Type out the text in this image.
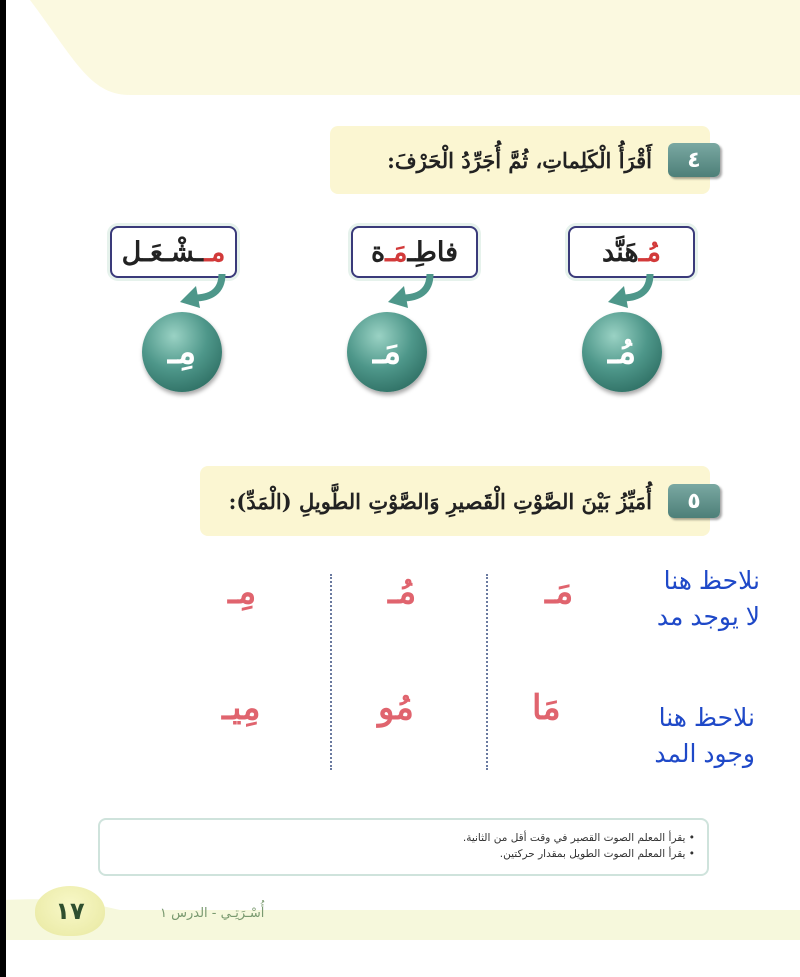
٤
أَقْرَأُ الْكَلِماتِ، ثُمَّ أُجَرِّدُ الْحَرْفَ:
مُـ
هَنَّد
فاطِـ
مَـ
ة
مـ
ـشْـعَـل
مُـ
مَـ
مِـ
٥
أُمَيِّزُ بَيْنَ الصَّوْتِ الْقَصيرِ وَالصَّوْتِ الطَّويلِ (الْمَدِّ):
مَـ
مُـ
مِـ
مَا
مُو
مِيـ
نلاحظ هنا
لا يوجد مد
نلاحظ هنا
وجود المد
• يقرأ المعلم الصوت القصير في وقت أقل من الثانية.
• يقرأ المعلم الصوت الطويل بمقدار حركتين.
١٧	أُسْـرَتِـي - الدرس ١
